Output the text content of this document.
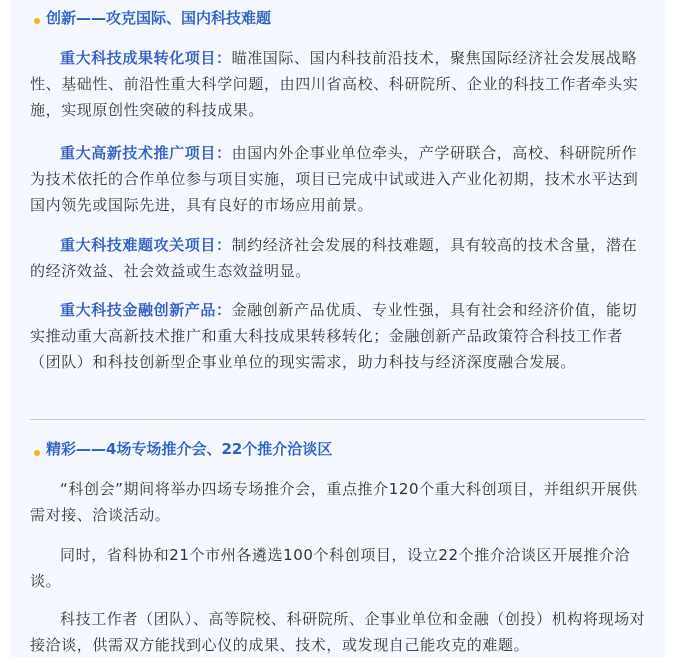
创新——攻克国际、国内科技难题
重大科技成果转化项目：瞄准国际、国内科技前沿技术，聚焦国际经济社会发展战略性、基础性、前沿性重大科学问题，由四川省高校、科研院所、企业的科技工作者牵头实施，实现原创性突破的科技成果。
重大高新技术推广项目：由国内外企事业单位牵头，产学研联合，高校、科研院所作为技术依托的合作单位参与项目实施，项目已完成中试或进入产业化初期，技术水平达到国内领先或国际先进，具有良好的市场应用前景。
重大科技难题攻关项目：制约经济社会发展的科技难题，具有较高的技术含量，潜在的经济效益、社会效益或生态效益明显。
重大科技金融创新产品：金融创新产品优质、专业性强，具有社会和经济价值，能切实推动重大高新技术推广和重大科技成果转移转化；金融创新产品政策符合科技工作者（团队）和科技创新型企事业单位的现实需求，助力科技与经济深度融合发展。
精彩——4场专场推介会、22个推介洽谈区
“科创会”期间将举办四场专场推介会，重点推介120个重大科创项目，并组织开展供需对接、洽谈活动。
同时，省科协和21个市州各遴选100个科创项目，设立22个推介洽谈区开展推介洽谈。
科技工作者（团队）、高等院校、科研院所、企事业单位和金融（创投）机构将现场对接洽谈，供需双方能找到心仪的成果、技术，或发现自己能攻克的难题。
